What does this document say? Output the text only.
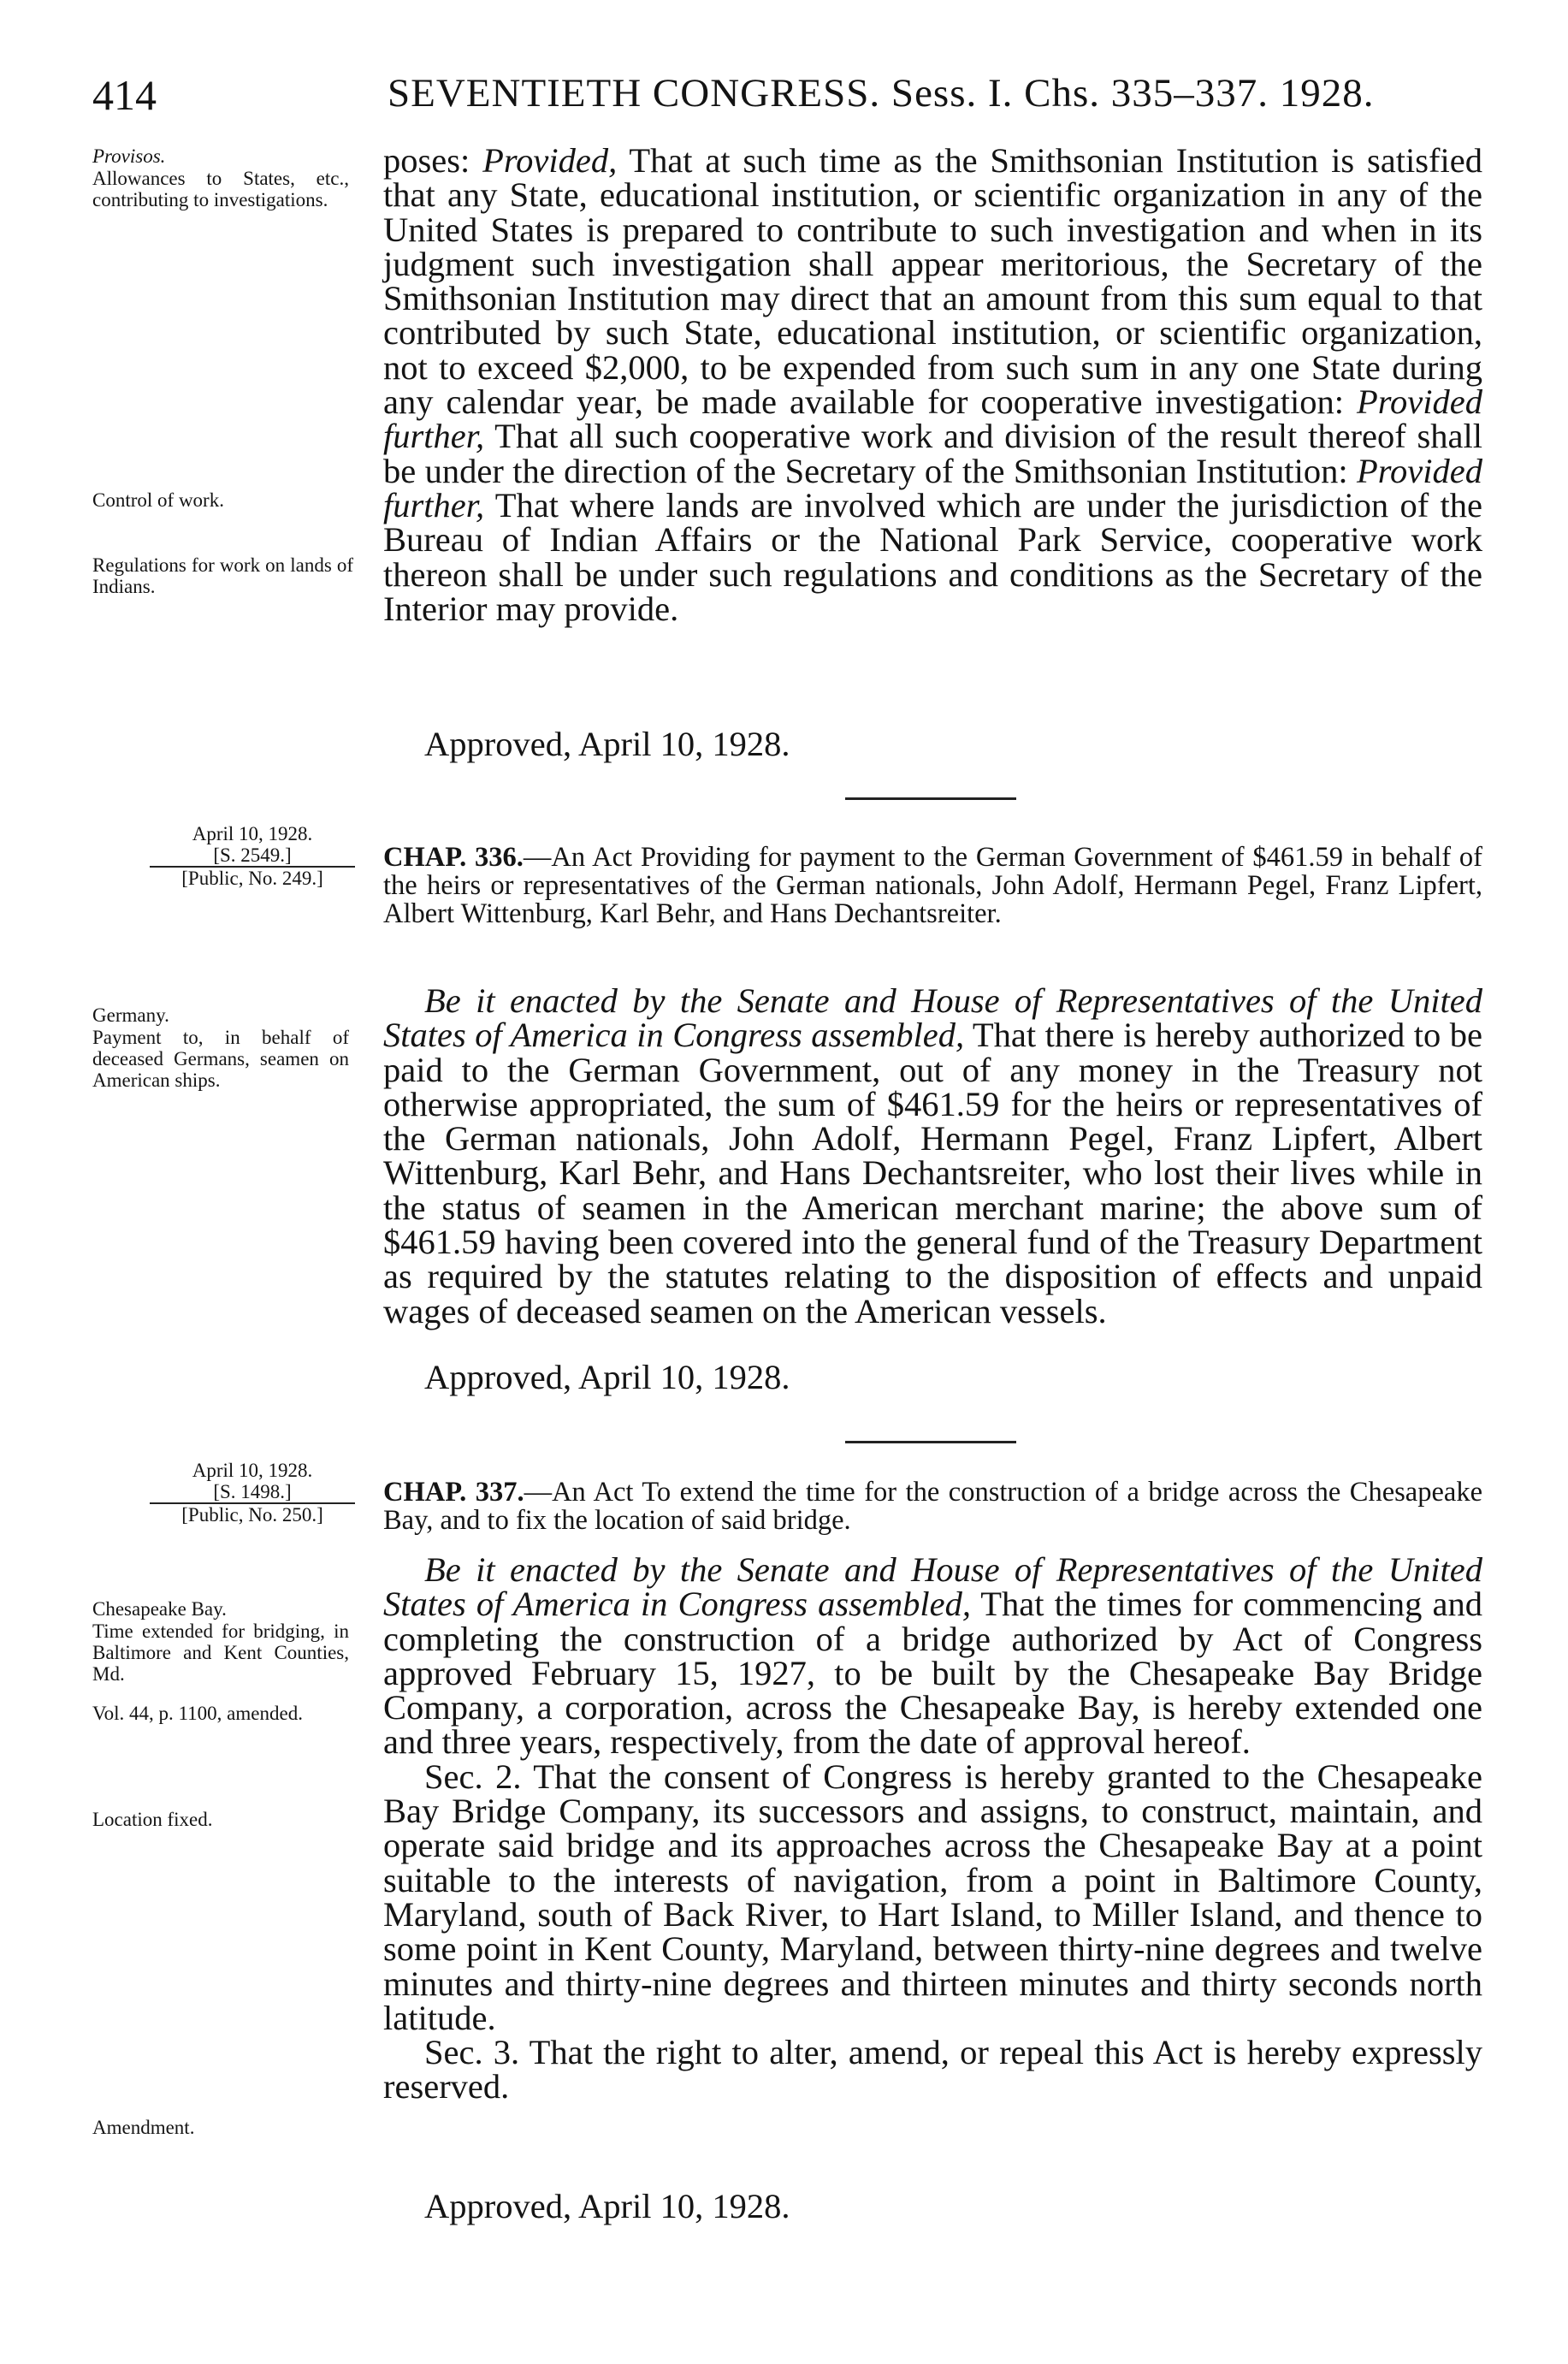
414	SEVENTIETH CONGRESS. Sess. I. Chs. 335–337. 1928.
Provisos.
Allowances to States, etc., contributing to investigations.
Control of work.
Regulations for work on lands of Indians.

poses: Provided, That at such time as the Smithsonian Institution is satisfied that any State, educational institution, or scientific organization in any of the United States is prepared to contribute to such investigation and when in its judgment such investigation shall appear meritorious, the Secretary of the Smithsonian Institution may direct that an amount from this sum equal to that contributed by such State, educational institution, or scientific organization, not to exceed $2,000, to be expended from such sum in any one State during any calendar year, be made available for cooperative investigation: Provided further, That all such cooperative work and division of the result thereof shall be under the direction of the Secretary of the Smithsonian Institution: Provided further, That where lands are involved which are under the jurisdiction of the Bureau of Indian Affairs or the National Park Service, cooperative work thereon shall be under such regulations and conditions as the Secretary of the Interior may provide.

Approved, April 10, 1928.
April 10, 1928.
[S. 2549.]
[Public, No. 249.]
CHAP. 336.—An Act Providing for payment to the German Government of $461.59 in behalf of the heirs or representatives of the German nationals, John Adolf, Hermann Pegel, Franz Lipfert, Albert Wittenburg, Karl Behr, and Hans Dechantsreiter.
Germany.
Payment to, in behalf of deceased Germans, seamen on American ships.

Be it enacted by the Senate and House of Representatives of the United States of America in Congress assembled, That there is hereby authorized to be paid to the German Government, out of any money in the Treasury not otherwise appropriated, the sum of $461.59 for the heirs or representatives of the German nationals, John Adolf, Hermann Pegel, Franz Lipfert, Albert Wittenburg, Karl Behr, and Hans Dechantsreiter, who lost their lives while in the status of seamen in the American merchant marine; the above sum of $461.59 having been covered into the general fund of the Treasury Department as required by the statutes relating to the disposition of effects and unpaid wages of deceased seamen on the American vessels.

Approved, April 10, 1928.
April 10, 1928.
[S. 1498.]
[Public, No. 250.]
CHAP. 337.—An Act To extend the time for the construction of a bridge across the Chesapeake Bay, and to fix the location of said bridge.
Chesapeake Bay.
Time extended for bridging, in Baltimore and Kent Counties, Md.
Vol. 44, p. 1100, amended.
Location fixed.
Amendment.

Be it enacted by the Senate and House of Representatives of the United States of America in Congress assembled, That the times for commencing and completing the construction of a bridge authorized by Act of Congress approved February 15, 1927, to be built by the Chesapeake Bay Bridge Company, a corporation, across the Chesapeake Bay, is hereby extended one and three years, respectively, from the date of approval hereof.

Sec. 2. That the consent of Congress is hereby granted to the Chesapeake Bay Bridge Company, its successors and assigns, to construct, maintain, and operate said bridge and its approaches across the Chesapeake Bay at a point suitable to the interests of navigation, from a point in Baltimore County, Maryland, south of Back River, to Hart Island, to Miller Island, and thence to some point in Kent County, Maryland, between thirty-nine degrees and twelve minutes and thirty-nine degrees and thirteen minutes and thirty seconds north latitude.

Sec. 3. That the right to alter, amend, or repeal this Act is hereby expressly reserved.

Approved, April 10, 1928.
